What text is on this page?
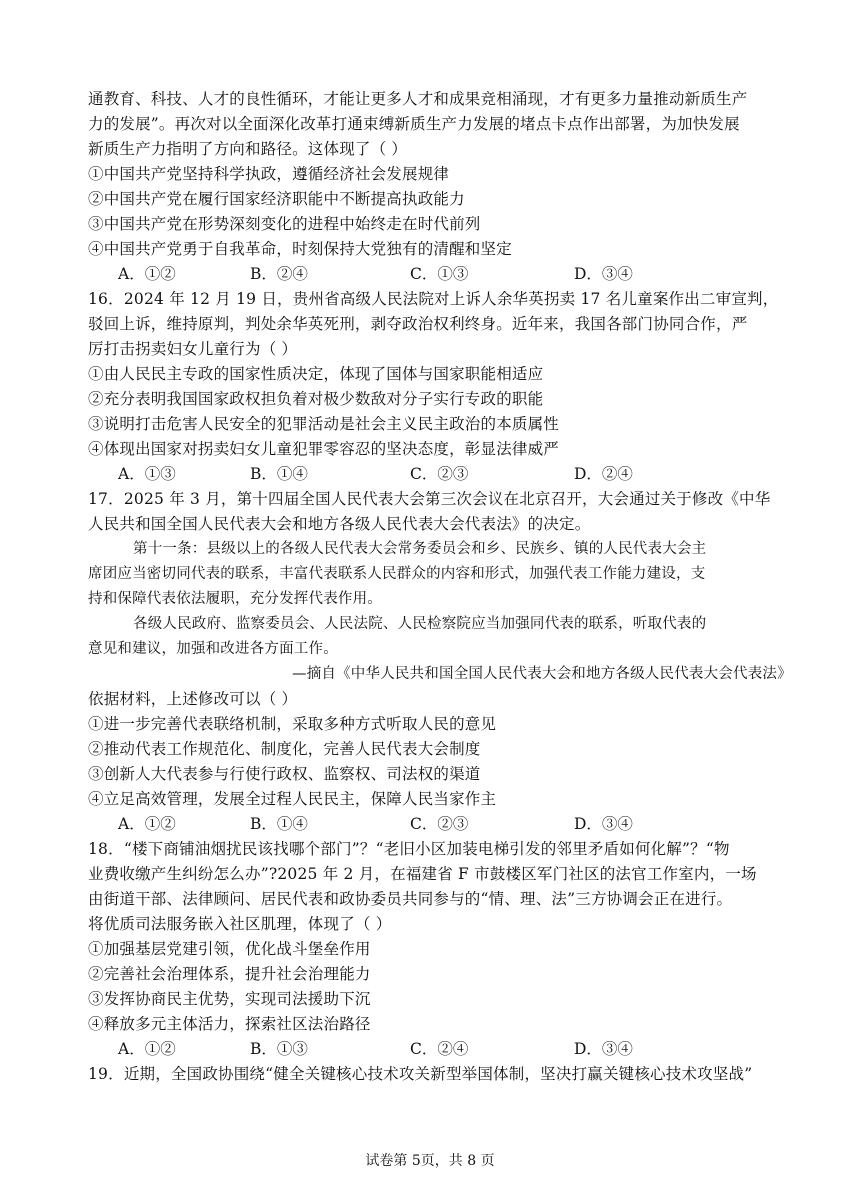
通教育、科技、人才的良性循环，才能让更多人才和成果竞相涌现，才有更多力量推动新质生产
力的发展”。再次对以全面深化改革打通束缚新质生产力发展的堵点卡点作出部署，为加快发展
新质生产力指明了方向和路径。这体现了（ ）
①中国共产党坚持科学执政，遵循经济社会发展规律
②中国共产党在履行国家经济职能中不断提高执政能力
③中国共产党在形势深刻变化的进程中始终走在时代前列
④中国共产党勇于自我革命，时刻保持大党独有的清醒和坚定
A．①②	B．②④	C．①③	D．③④
16．2024 年 12 月 19 日，贵州省高级人民法院对上诉人余华英拐卖 17 名儿童案作出二审宣判，
驳回上诉，维持原判，判处余华英死刑，剥夺政治权利终身。近年来，我国各部门协同合作，严
厉打击拐卖妇女儿童行为（ ）
①由人民民主专政的国家性质决定，体现了国体与国家职能相适应
②充分表明我国国家政权担负着对极少数敌对分子实行专政的职能
③说明打击危害人民安全的犯罪活动是社会主义民主政治的本质属性
④体现出国家对拐卖妇女儿童犯罪零容忍的坚决态度，彰显法律威严
A．①③	B．①④	C．②③	D．②④
17．2025 年 3 月，第十四届全国人民代表大会第三次会议在北京召开，大会通过关于修改《中华
人民共和国全国人民代表大会和地方各级人民代表大会代表法》的决定。
第十一条：县级以上的各级人民代表大会常务委员会和乡、民族乡、镇的人民代表大会主
席团应当密切同代表的联系，丰富代表联系人民群众的内容和形式，加强代表工作能力建设，支
持和保障代表依法履职，充分发挥代表作用。
各级人民政府、监察委员会、人民法院、人民检察院应当加强同代表的联系，听取代表的
意见和建议，加强和改进各方面工作。
—摘自《中华人民共和国全国人民代表大会和地方各级人民代表大会代表法》
依据材料，上述修改可以（ ）
①进一步完善代表联络机制，采取多种方式听取人民的意见
②推动代表工作规范化、制度化，完善人民代表大会制度
③创新人大代表参与行使行政权、监察权、司法权的渠道
④立足高效管理，发展全过程人民民主，保障人民当家作主
A．①②	B．①④	C．②③	D．③④
18．“楼下商铺油烟扰民该找哪个部门”？“老旧小区加装电梯引发的邻里矛盾如何化解”？“物
业费收缴产生纠纷怎么办”?2025 年 2 月，在福建省 F 市鼓楼区军门社区的法官工作室内，一场
由街道干部、法律顾问、居民代表和政协委员共同参与的“情、理、法”三方协调会正在进行。
将优质司法服务嵌入社区肌理，体现了（ ）
①加强基层党建引领，优化战斗堡垒作用
②完善社会治理体系，提升社会治理能力
③发挥协商民主优势，实现司法援助下沉
④释放多元主体活力，探索社区法治路径
A．①②	B．①③	C．②④	D．③④
19．近期，全国政协围绕“健全关键核心技术攻关新型举国体制，坚决打赢关键核心技术攻坚战”
试卷第 5页，共 8 页
